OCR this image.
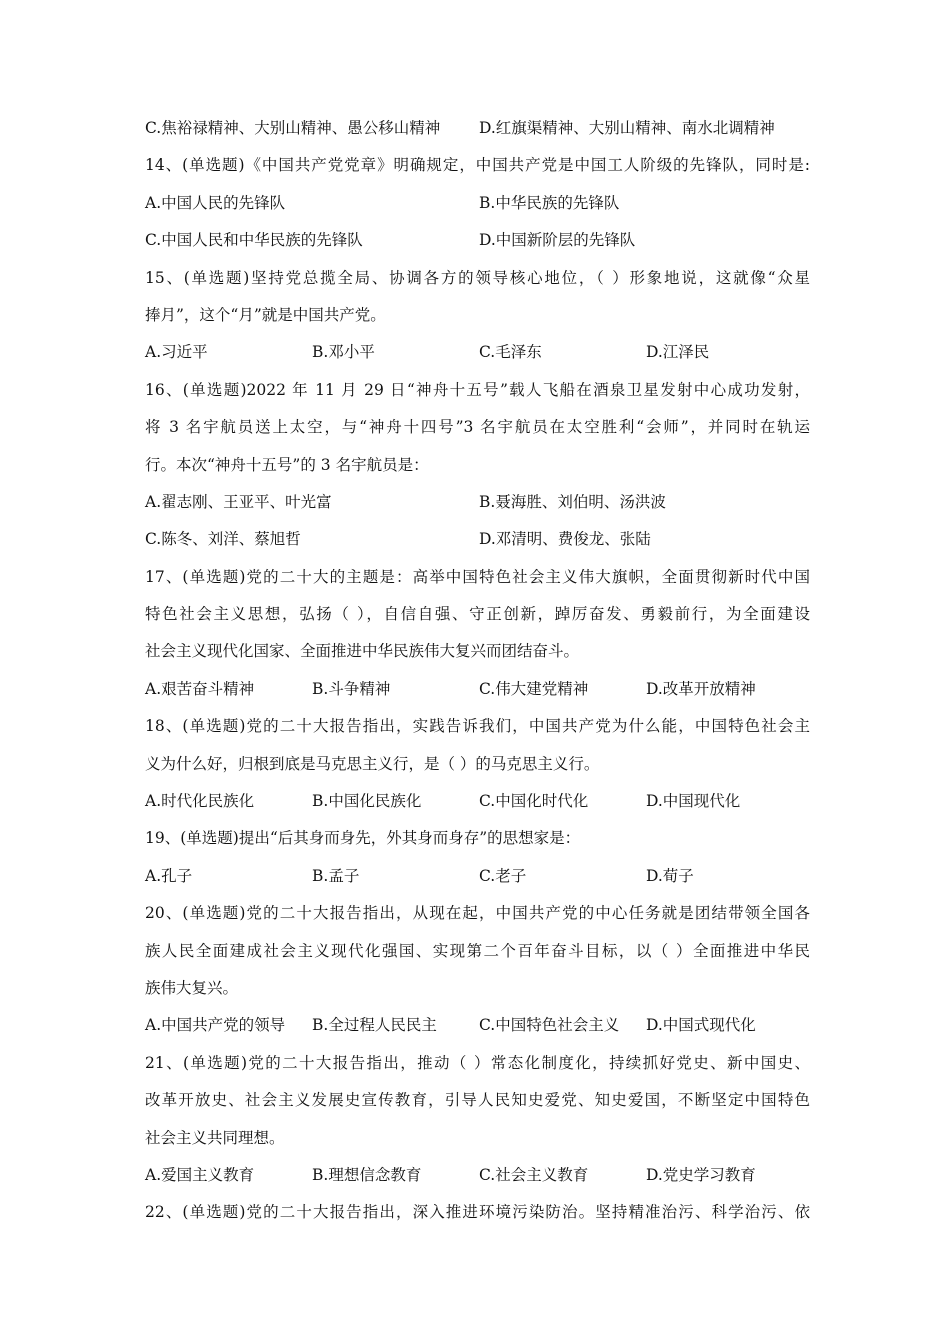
C.焦裕禄精神、大别山精神、愚公移山精神	D.红旗渠精神、大别山精神、南水北调精神
14、(单选题)《中国共产党党章》明确规定，中国共产党是中国工人阶级的先锋队，同时是:
A.中国人民的先锋队	B.中华民族的先锋队
C.中国人民和中华民族的先锋队	D.中国新阶层的先锋队
15、(单选题)坚持党总揽全局、协调各方的领导核心地位，（ ）形象地说，这就像“众星
捧月”，这个“月”就是中国共产党。
A.习近平	B.邓小平	C.毛泽东	D.江泽民
16、(单选题)2022 年 11 月 29 日“神舟十五号”载人飞船在酒泉卫星发射中心成功发射，
将 3 名宇航员送上太空，与“神舟十四号”3 名宇航员在太空胜利“会师”，并同时在轨运
行。本次“神舟十五号”的 3 名宇航员是：
A.翟志刚、王亚平、叶光富	B.聂海胜、刘伯明、汤洪波
C.陈冬、刘洋、蔡旭哲	D.邓清明、费俊龙、张陆
17、(单选题)党的二十大的主题是：高举中国特色社会主义伟大旗帜，全面贯彻新时代中国
特色社会主义思想，弘扬（ ），自信自强、守正创新，踔厉奋发、勇毅前行，为全面建设
社会主义现代化国家、全面推进中华民族伟大复兴而团结奋斗。
A.艰苦奋斗精神	B.斗争精神	C.伟大建党精神	D.改革开放精神
18、(单选题)党的二十大报告指出，实践告诉我们，中国共产党为什么能，中国特色社会主
义为什么好，归根到底是马克思主义行，是（ ）的马克思主义行。
A.时代化民族化	B.中国化民族化	C.中国化时代化	D.中国现代化
19、(单选题)提出“后其身而身先，外其身而身存”的思想家是：
A.孔子	B.孟子	C.老子	D.荀子
20、(单选题)党的二十大报告指出，从现在起，中国共产党的中心任务就是团结带领全国各
族人民全面建成社会主义现代化强国、实现第二个百年奋斗目标，以（ ）全面推进中华民
族伟大复兴。
A.中国共产党的领导 B.全过程人民民主	C.中国特色社会主义 D.中国式现代化
21、(单选题)党的二十大报告指出，推动（ ）常态化制度化，持续抓好党史、新中国史、
改革开放史、社会主义发展史宣传教育，引导人民知史爱党、知史爱国，不断坚定中国特色
社会主义共同理想。
A.爱国主义教育	B.理想信念教育	C.社会主义教育	D.党史学习教育
22、(单选题)党的二十大报告指出，深入推进环境污染防治。坚持精准治污、科学治污、依
